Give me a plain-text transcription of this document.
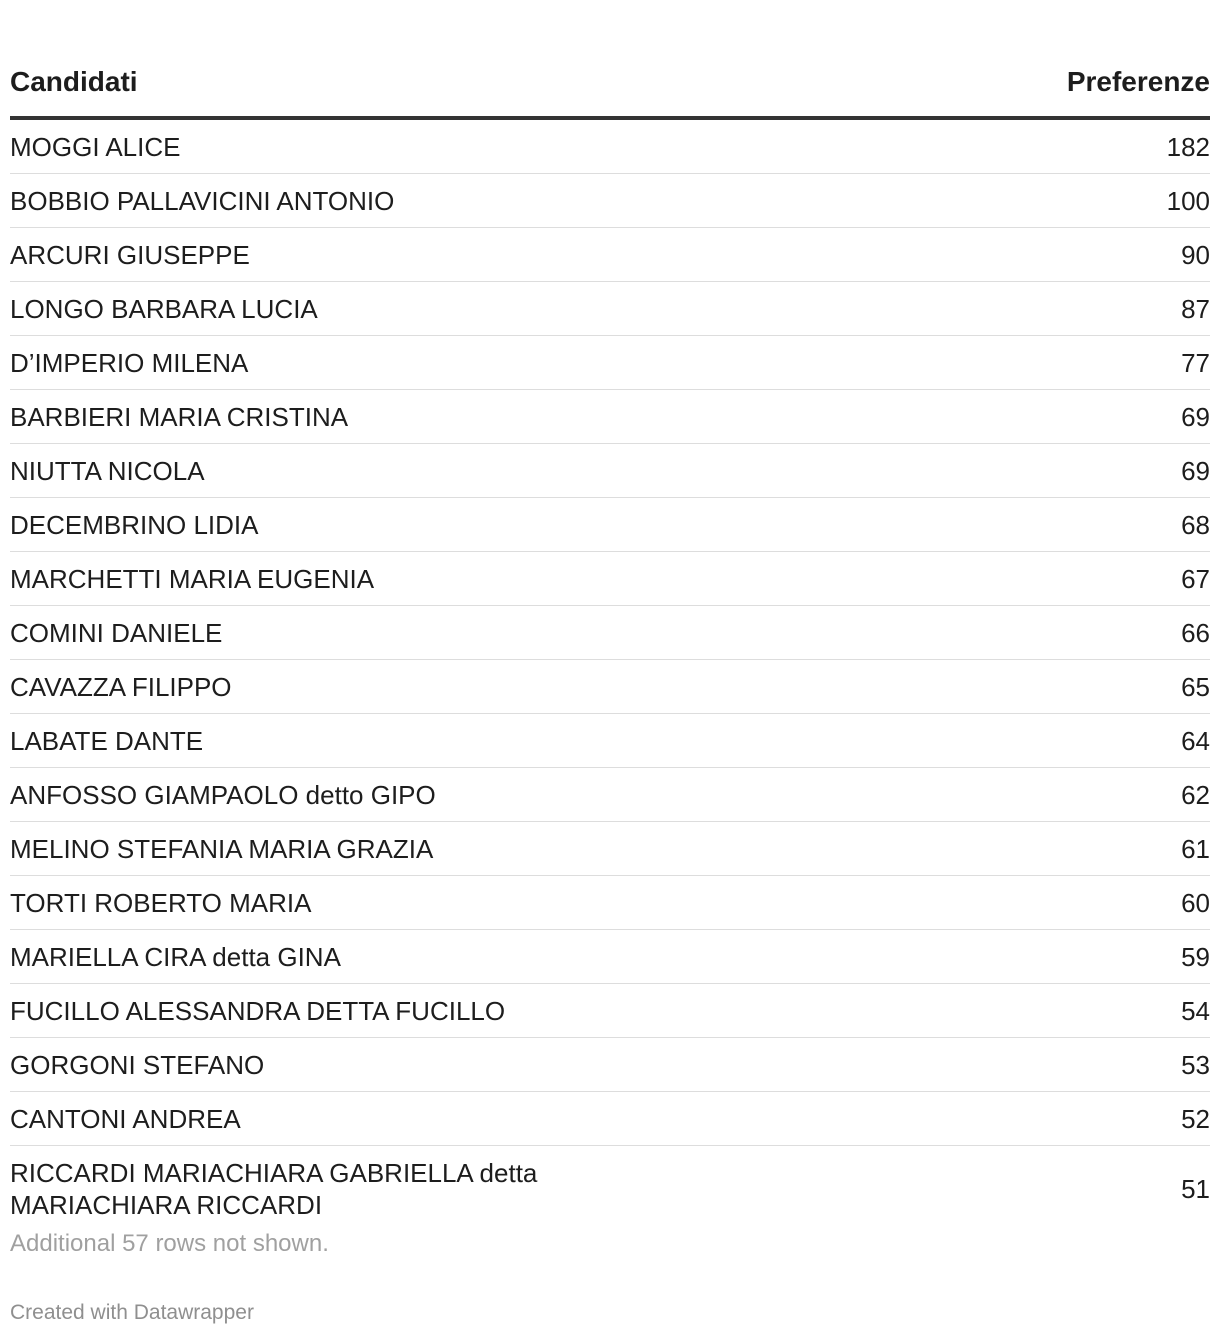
Candidati	Preferenze

MOGGI ALICE	182

BOBBIO PALLAVICINI ANTONIO	100

ARCURI GIUSEPPE	90

LONGO BARBARA LUCIA	87

D’IMPERIO MILENA	77

BARBIERI MARIA CRISTINA	69

NIUTTA NICOLA	69

DECEMBRINO LIDIA	68

MARCHETTI MARIA EUGENIA	67

COMINI DANIELE	66

CAVAZZA FILIPPO	65

LABATE DANTE	64

ANFOSSO GIAMPAOLO detto GIPO	62

MELINO STEFANIA MARIA GRAZIA	61

TORTI ROBERTO MARIA	60

MARIELLA CIRA detta GINA	59

FUCILLO ALESSANDRA DETTA FUCILLO	54

GORGONI STEFANO	53

CANTONI ANDREA	52

RICCARDI MARIACHIARA GABRIELLA detta MARIACHIARA RICCARDI	51
Additional 57 rows not shown.
Created with Datawrapper
